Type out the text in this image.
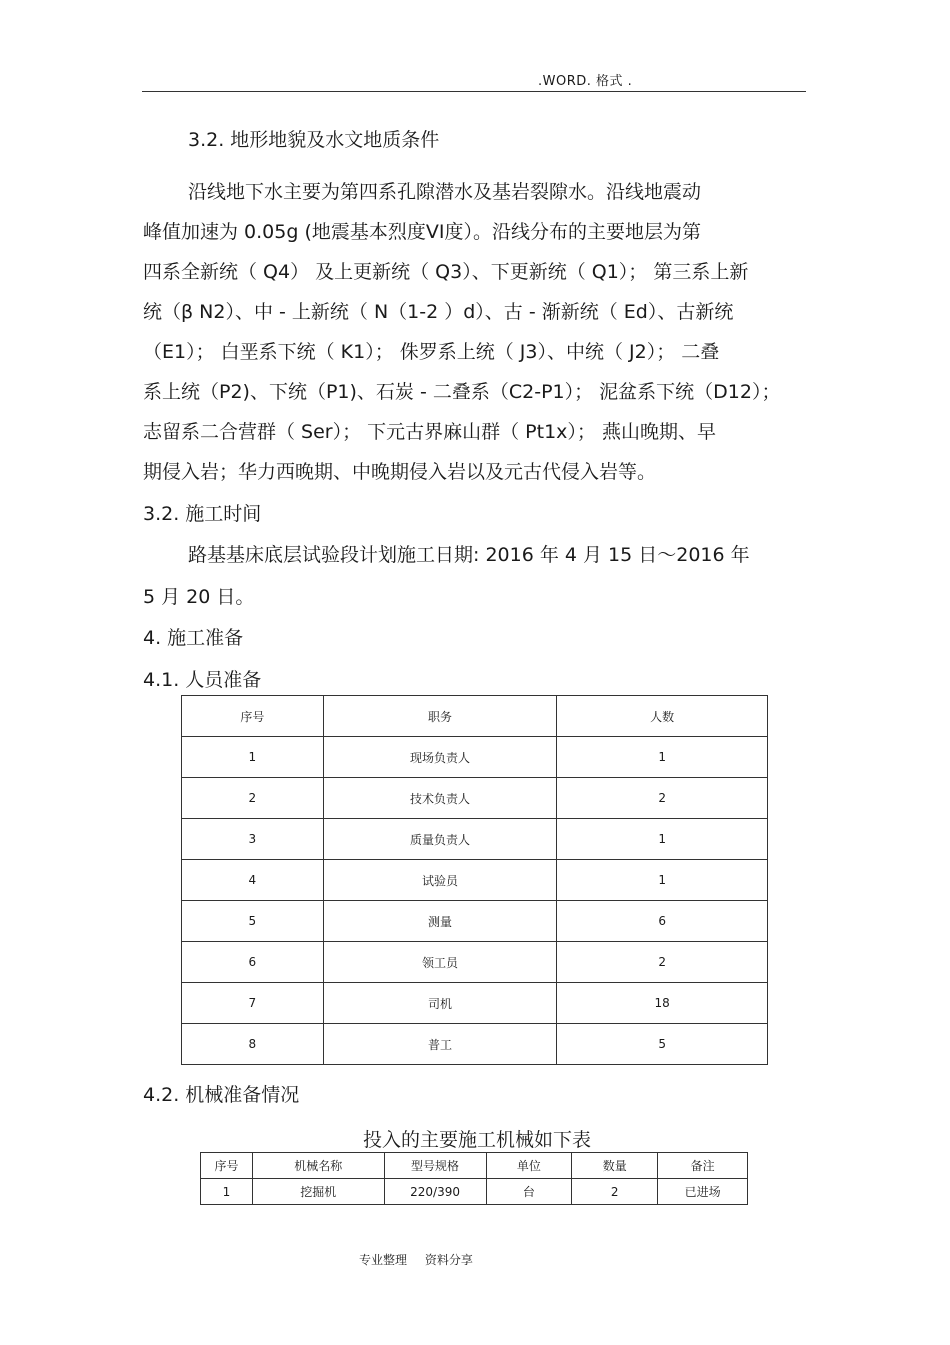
.WORD. 格式 .
3.2. 地形地貌及水文地质条件
沿线地下水主要为第四系孔隙潜水及基岩裂隙水。沿线地震动
峰值加速为 0.05g (地震基本烈度VI度）。沿线分布的主要地层为第
四系全新统（ Q4） 及上更新统（ Q3）、下更新统（ Q1）； 第三系上新
统（β N2）、中 - 上新统（ N（1-2 ）d）、古 - 渐新统（ Ed）、古新统
（E1）； 白垩系下统（ K1）； 侏罗系上统（ J3）、中统（ J2）； 二叠
系上统（P2)、下统（P1)、石炭 - 二叠系（C2-P1）； 泥盆系下统（D12）；
志留系二合营群（ Ser）； 下元古界麻山群（ Pt1x）； 燕山晚期、早
期侵入岩；华力西晚期、中晚期侵入岩以及元古代侵入岩等。
3.2. 施工时间
路基基床底层试验段计划施工日期: 2016 年 4 月 15 日～2016 年
5 月 20 日。
4. 施工准备
4.1. 人员准备
序号	职务	人数
1	现场负责人	1
2	技术负责人	2
3	质量负责人	1
4	试验员	1
5	测量	6
6	领工员	2
7	司机	18
8	普工	5
4.2. 机械准备情况
投入的主要施工机械如下表
序号	机械名称	型号规格	单位	数量	备注
1	挖掘机	220/390	台	2	已进场
专业整理 资料分享
